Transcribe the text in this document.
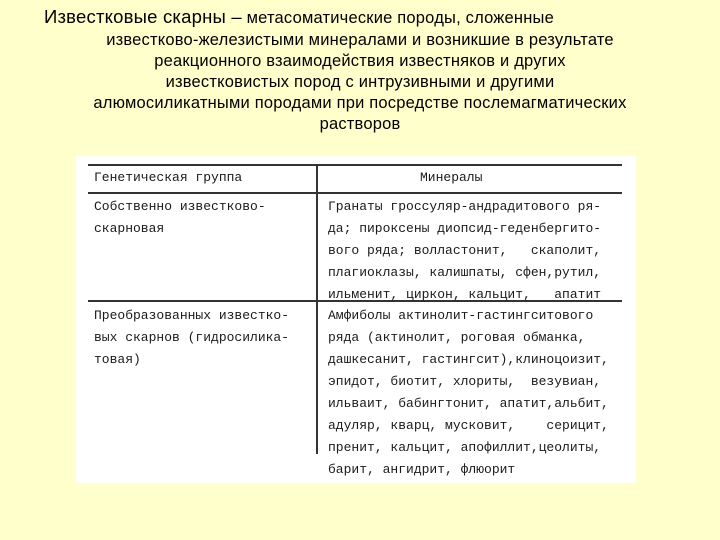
Известковые скарны – метасоматические породы, сложенные
известково-железистыми минералами и возникшие в результате
реакционного взаимодействия известняков и других
известковистых пород с интрузивными и другими
алюмосиликатными породами при посредстве послемагматических
растворов
Генетическая группа	Минералы
Собственно известково-
скарновая
Гранаты гроссуляр-андрадитового ря-
да; пироксены диопсид-геденбергито-
вого ряда; волластонит,   скаполит,
плагиоклазы, калишпаты, сфен,рутил,
ильменит, циркон, кальцит,   апатит
Преобразованных известко-
вых скарнов (гидросилика-
товая)
Амфиболы актинолит-гастингситового
ряда (актинолит, роговая обманка,
дашкесанит, гастингсит),клиноцоизит,
эпидот, биотит, хлориты,  везувиан,
ильваит, бабингтонит, апатит,альбит,
адуляр, кварц, мусковит,    серицит,
пренит, кальцит, апофиллит,цеолиты,
барит, ангидрит, флюорит
